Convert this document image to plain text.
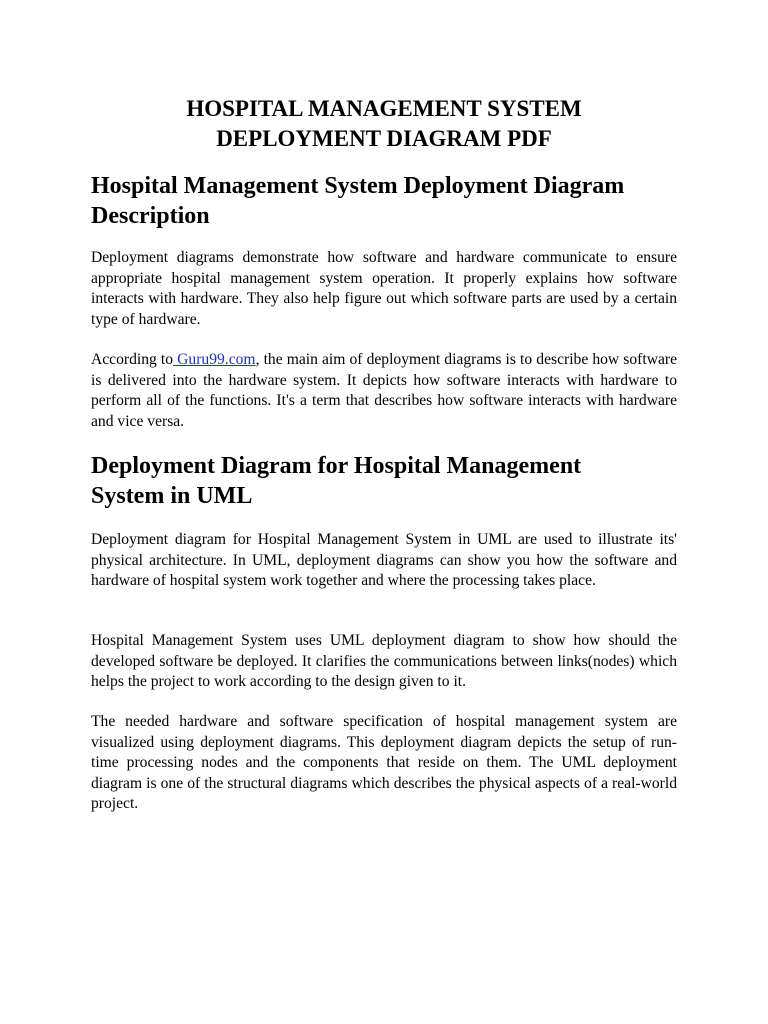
HOSPITAL MANAGEMENT SYSTEM
DEPLOYMENT DIAGRAM PDF
Hospital Management System Deployment Diagram
Description

Deployment diagrams demonstrate how software and hardware communicate to ensure appropriate hospital management system operation. It properly explains how software interacts with hardware. They also help figure out which software parts are used by a certain type of hardware.

According to Guru99.com, the main aim of deployment diagrams is to describe how software is delivered into the hardware system. It depicts how software interacts with hardware to perform all of the functions. It's a term that describes how software interacts with hardware and vice versa.

Deployment Diagram for Hospital Management
System in UML

Deployment diagram for Hospital Management System in UML are used to illustrate its' physical architecture. In UML, deployment diagrams can show you how the software and hardware of hospital system work together and where the processing takes place.

Hospital Management System uses UML deployment diagram to show how should the developed software be deployed. It clarifies the communications between links(nodes) which helps the project to work according to the design given to it.

The needed hardware and software specification of hospital management system are visualized using deployment diagrams. This deployment diagram depicts the setup of run-time processing nodes and the components that reside on them. The UML deployment diagram is one of the structural diagrams which describes the physical aspects of a real-world project.
